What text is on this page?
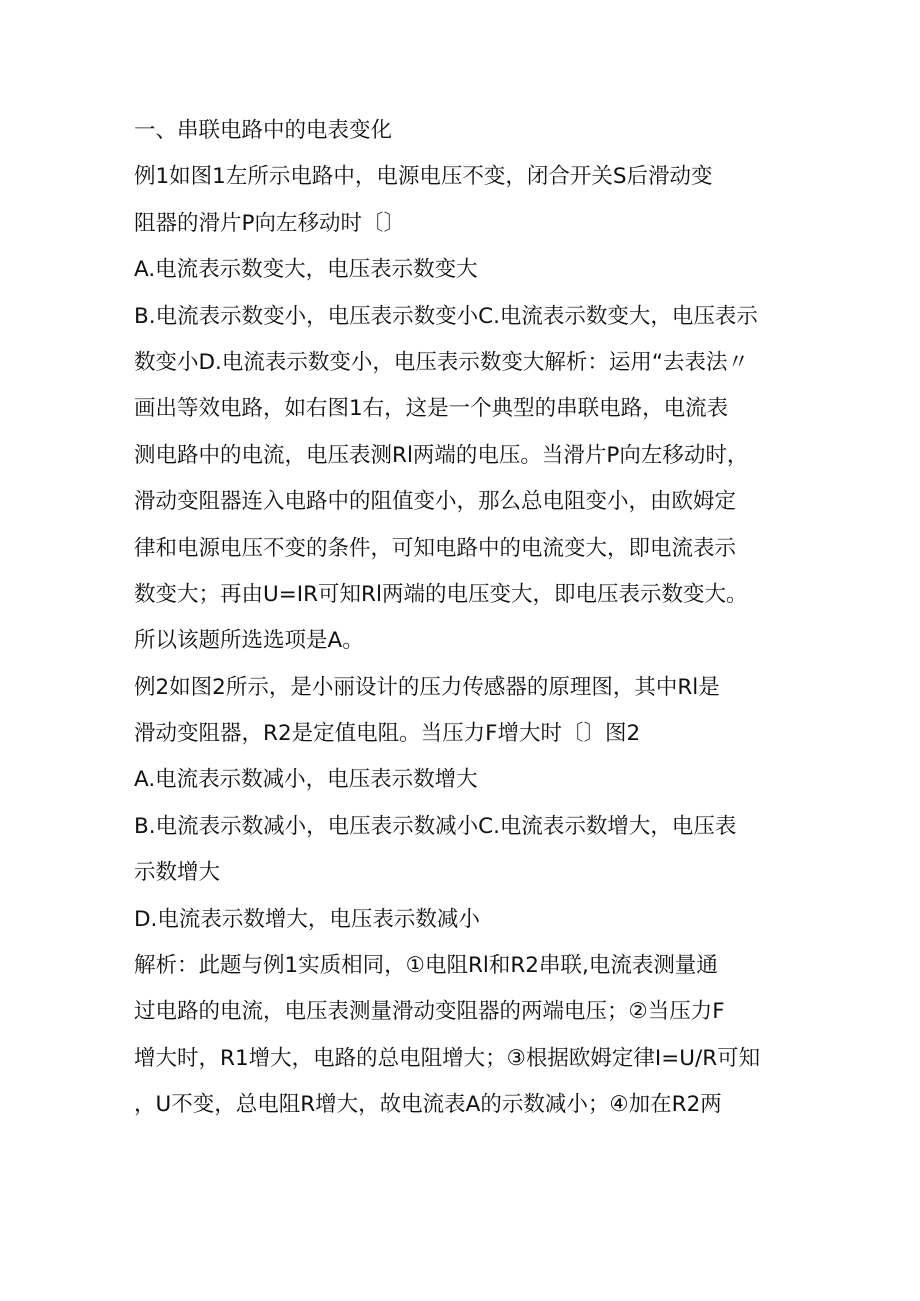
一、串联电路中的电表变化
例1如图1左所示电路中，电源电压不变，闭合开关S后滑动变
阻器的滑片P向左移动时〔〕
A.电流表示数变大，电压表示数变大
B.电流表示数变小，电压表示数变小C.电流表示数变大，电压表示
数变小D.电流表示数变小，电压表示数变大解析：运用“去表法〃
画出等效电路，如右图1右，这是一个典型的串联电路，电流表
测电路中的电流，电压表测Rl两端的电压。当滑片P向左移动时，
滑动变阻器连入电路中的阻值变小，那么总电阻变小，由欧姆定
律和电源电压不变的条件，可知电路中的电流变大，即电流表示
数变大；再由U=IR可知Rl两端的电压变大，即电压表示数变大。
所以该题所选选项是A。
例2如图2所示，是小丽设计的压力传感器的原理图，其中Rl是
滑动变阻器，R2是定值电阻。当压力F增大时〔〕图2
A.电流表示数减小，电压表示数增大
B.电流表示数减小，电压表示数减小C.电流表示数增大，电压表
示数增大
D.电流表示数增大，电压表示数减小
解析：此题与例1实质相同，①电阻Rl和R2串联,电流表测量通
过电路的电流，电压表测量滑动变阻器的两端电压；②当压力F
增大时，R1增大，电路的总电阻增大；③根据欧姆定律I=U/R可知
，U不变，总电阻R增大，故电流表A的示数减小；④加在R2两
